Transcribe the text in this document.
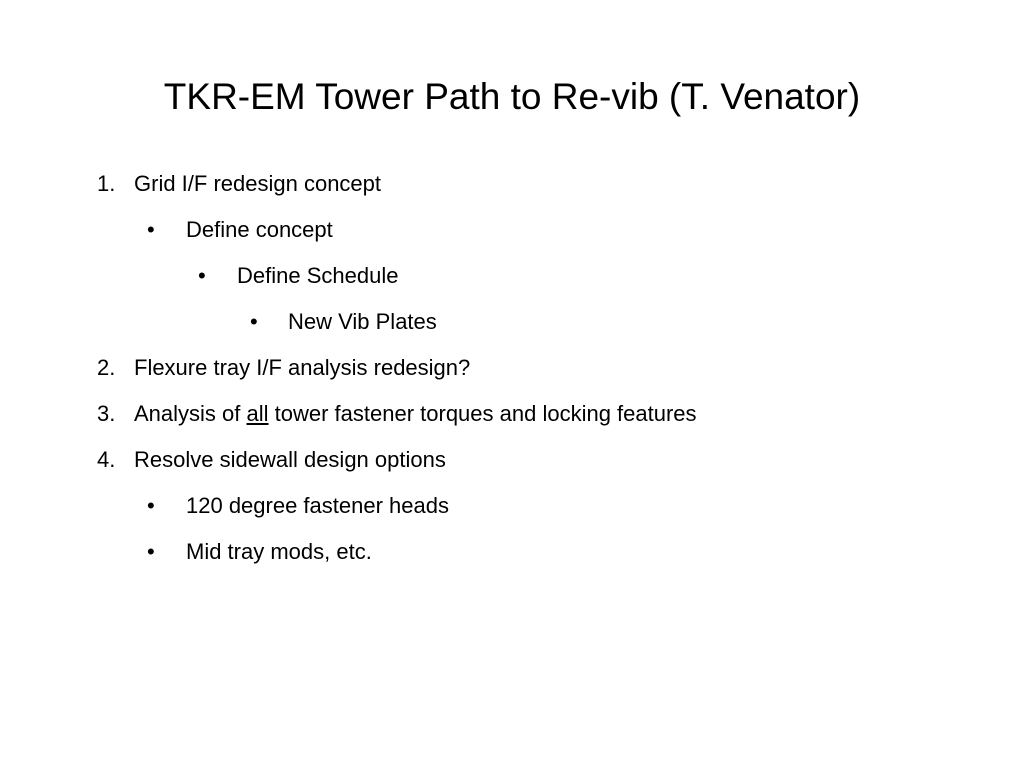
TKR-EM Tower Path to Re-vib (T. Venator)
1. Grid I/F redesign concept
• Define concept
• Define Schedule
• New Vib Plates
2. Flexure tray I/F analysis redesign?
3. Analysis of all tower fastener torques and locking features
4. Resolve sidewall design options
• 120 degree fastener heads
• Mid tray mods, etc.
